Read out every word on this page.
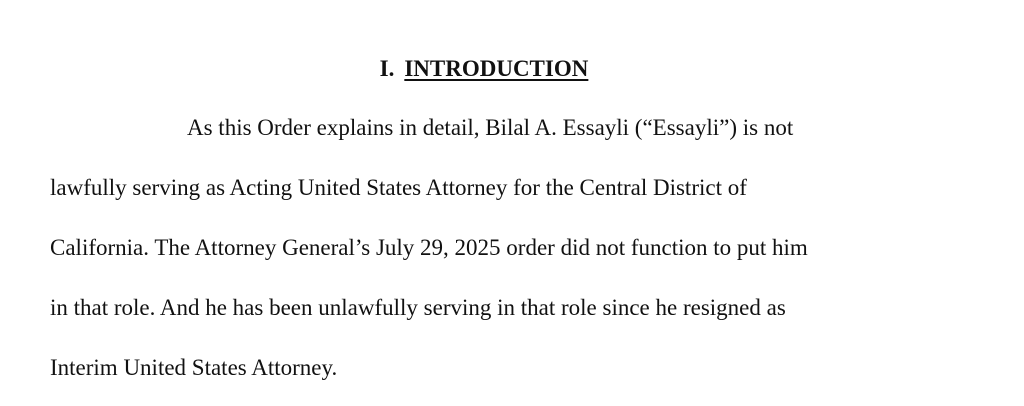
I. INTRODUCTION
As this Order explains in detail, Bilal A. Essayli (“Essayli”) is not
lawfully serving as Acting United States Attorney for the Central District of
California. The Attorney General’s July 29, 2025 order did not function to put him
in that role. And he has been unlawfully serving in that role since he resigned as
Interim United States Attorney.
